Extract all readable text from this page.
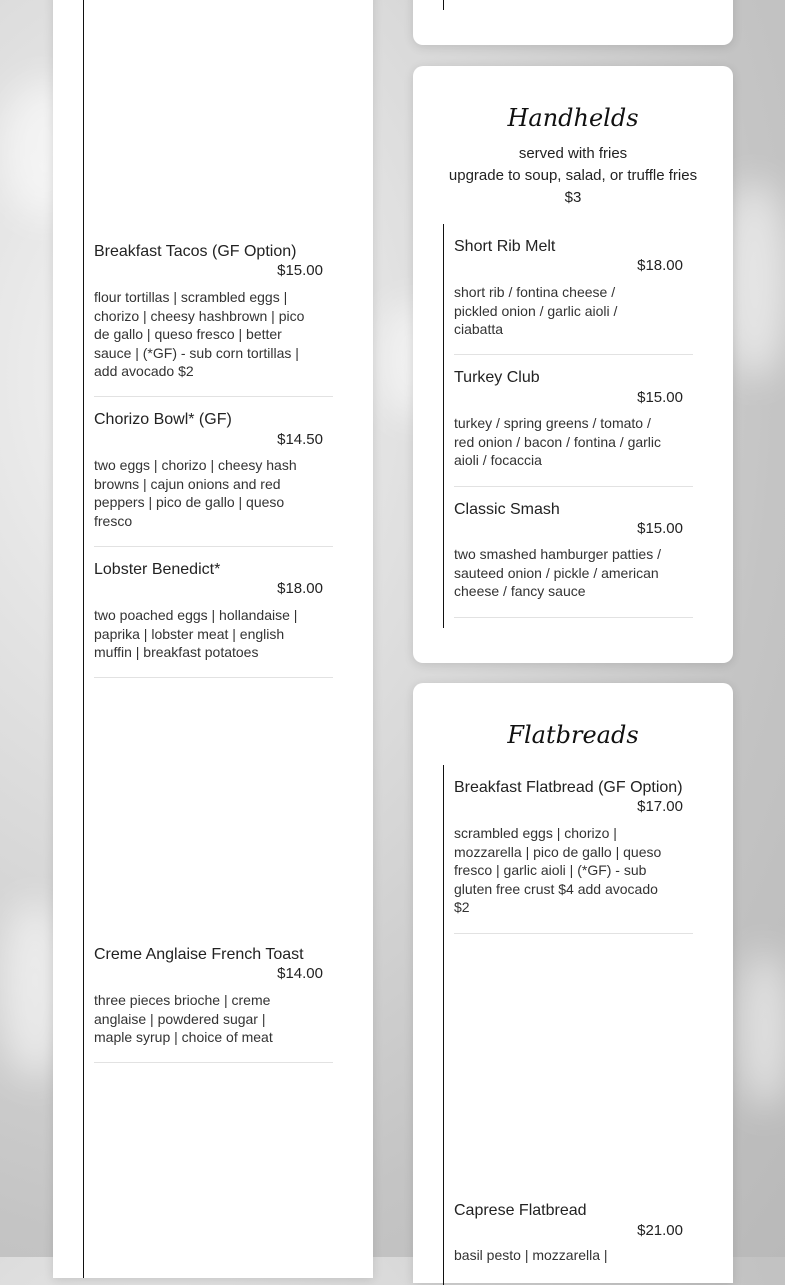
Breakfast Tacos (GF Option)
$15.00
flour tortillas | scrambled eggs | chorizo | cheesy hashbrown | pico de gallo | queso fresco | better sauce | (*GF) - sub corn tortillas | add avocado $2
Chorizo Bowl* (GF)
$14.50
two eggs | chorizo | cheesy hash browns | cajun onions and red peppers | pico de gallo | queso fresco
Lobster Benedict*
$18.00
two poached eggs | hollandaise | paprika | lobster meat | english muffin | breakfast potatoes
Creme Anglaise French Toast
$14.00
three pieces brioche | creme anglaise | powdered sugar | maple syrup | choice of meat
Handhelds
served with fries
upgrade to soup, salad, or truffle fries $3
Short Rib Melt
$18.00
short rib / fontina cheese / pickled onion / garlic aioli / ciabatta
Turkey Club
$15.00
turkey / spring greens / tomato / red onion / bacon / fontina / garlic aioli / focaccia
Classic Smash
$15.00
two smashed hamburger patties / sauteed onion / pickle / american cheese / fancy sauce
Flatbreads
Breakfast Flatbread (GF Option)
$17.00
scrambled eggs | chorizo | mozzarella | pico de gallo | queso fresco | garlic aioli | (*GF) - sub gluten free crust $4 add avocado $2
Caprese Flatbread
$21.00
basil pesto | mozzarella |
